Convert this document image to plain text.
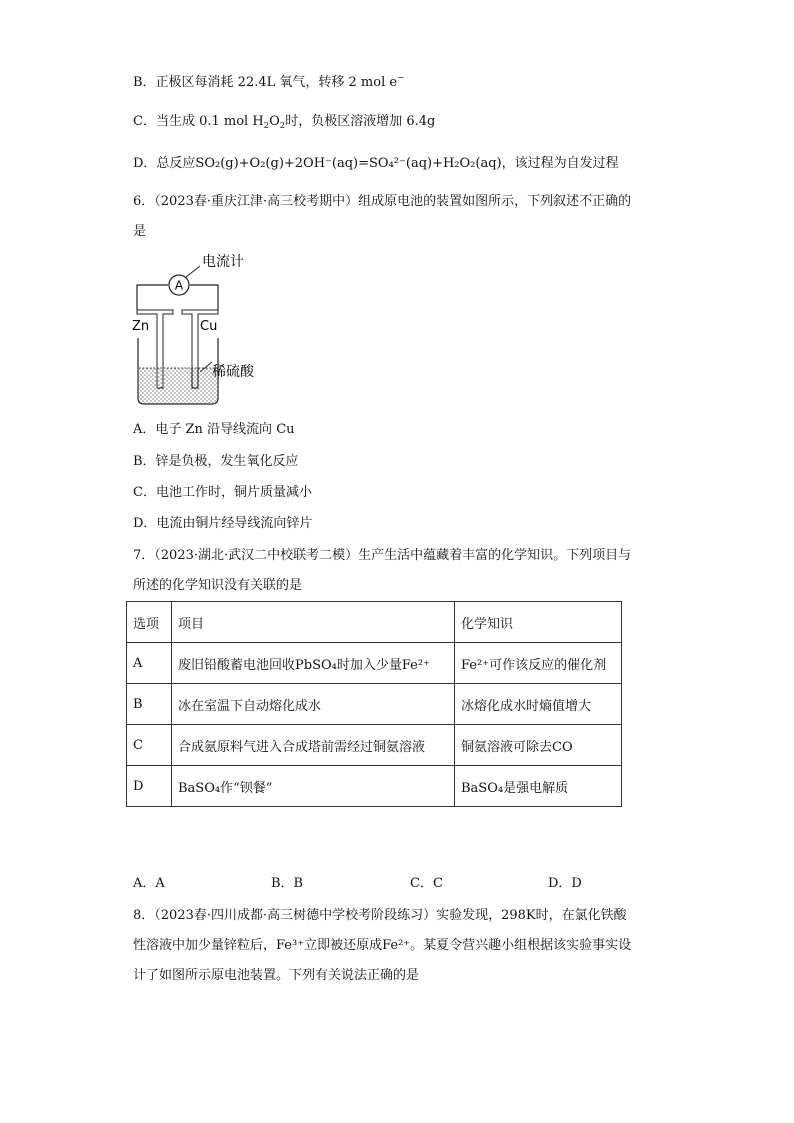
B．正极区每消耗 22.4L 氧气，转移 2 mol e−
C．当生成 0.1 mol $H_2O_2$时，负极区溶液增加 6.4g
D．总反应SO₂(g)+O₂(g)+2OH⁻(aq)=SO₄²⁻(aq)+H₂O₂(aq)，该过程为自发过程
6．（2023春·重庆江津·高三校考期中）组成原电池的装置如图所示，下列叙述不正确的
是
A
电流计
Zn	Cu
稀硫酸
A．电子 Zn 沿导线流向 Cu
B．锌是负极，发生氧化反应
C．电池工作时，铜片质量减小
D．电流由铜片经导线流向锌片
7．（2023·湖北·武汉二中校联考二模）生产生活中蕴藏着丰富的化学知识。下列项目与
所述的化学知识没有关联的是
选项	项目	化学知识
A	废旧铅酸蓄电池回收PbSO₄时加入少量Fe²⁺	Fe²⁺可作该反应的催化剂
B	冰在室温下自动熔化成水	冰熔化成水时熵值增大
C	合成氨原料气进入合成塔前需经过铜氨溶液	铜氨溶液可除去CO
D	BaSO₄作“钡餐”	BaSO₄是强电解质
A．A	B．B	C．C	D．D
8．（2023春·四川成都·高三树德中学校考阶段练习）实验发现，298K时，在氯化铁酸
性溶液中加少量锌粒后，Fe³⁺立即被还原成Fe²⁺。某夏令营兴趣小组根据该实验事实设
计了如图所示原电池装置。下列有关说法正确的是
